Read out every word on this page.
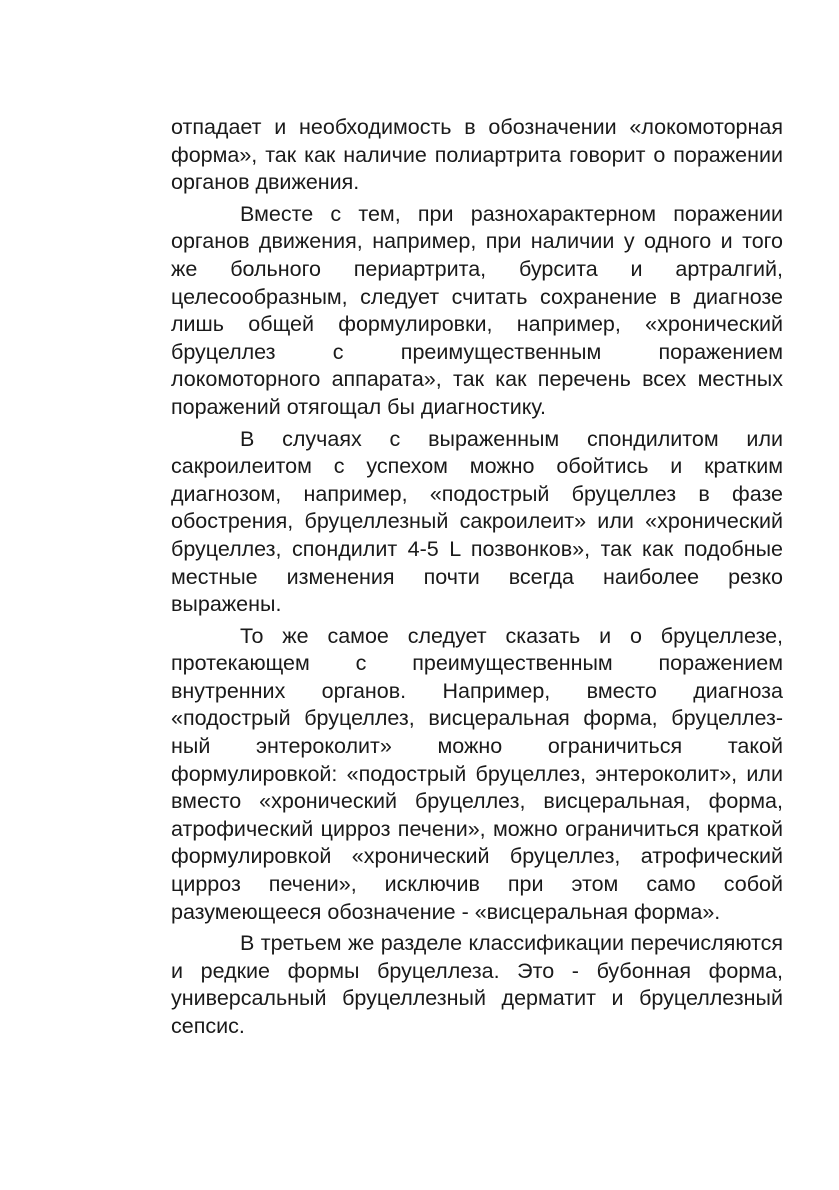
отпадает и необходимость в обозначении «локомоторная форма», так как наличие полиартрита говорит о поражении органов движения.

Вместе с тем, при разнохарактерном поражении органов движения, например, при наличии у одного и того же больного периартрита, бурсита и артралгий, целесообразным, следует считать сохранение в диагнозе лишь общей формулировки, например, «хронический бруцеллез с преимущественным поражением локомоторного аппарата», так как перечень всех местных поражений отягощал бы диагностику.

В случаях с выраженным спондилитом или сакроилеитом с успехом можно обойтись и кратким диагнозом, например, «подострый бруцеллез в фазе обострения, бруцеллезный сакроилеит» или «хронический бруцеллез, спондилит 4-5 L позвонков», так как подобные местные изменения почти всегда наиболее резко выражены.

То же самое следует сказать и о бруцеллезе, протекающем с преимущественным поражением внутренних органов. Например, вместо диагноза «подострый бруцеллез, висцеральная форма, бруцеллезный энтероколит» можно ограничиться такой формулировкой: «подострый бруцеллез, энтероколит», или вместо «хронический бруцеллез, висцеральная, форма, атрофический цирроз печени», можно ограничиться краткой формулировкой «хронический бруцеллез, атрофический цирроз печени», исключив при этом само собой разумеющееся обозначение - «висцеральная форма».

В третьем же разделе классификации перечисляются и редкие формы бруцеллеза. Это - бубонная форма, универсальный бруцеллезный дерматит и бруцеллезный сепсис.
